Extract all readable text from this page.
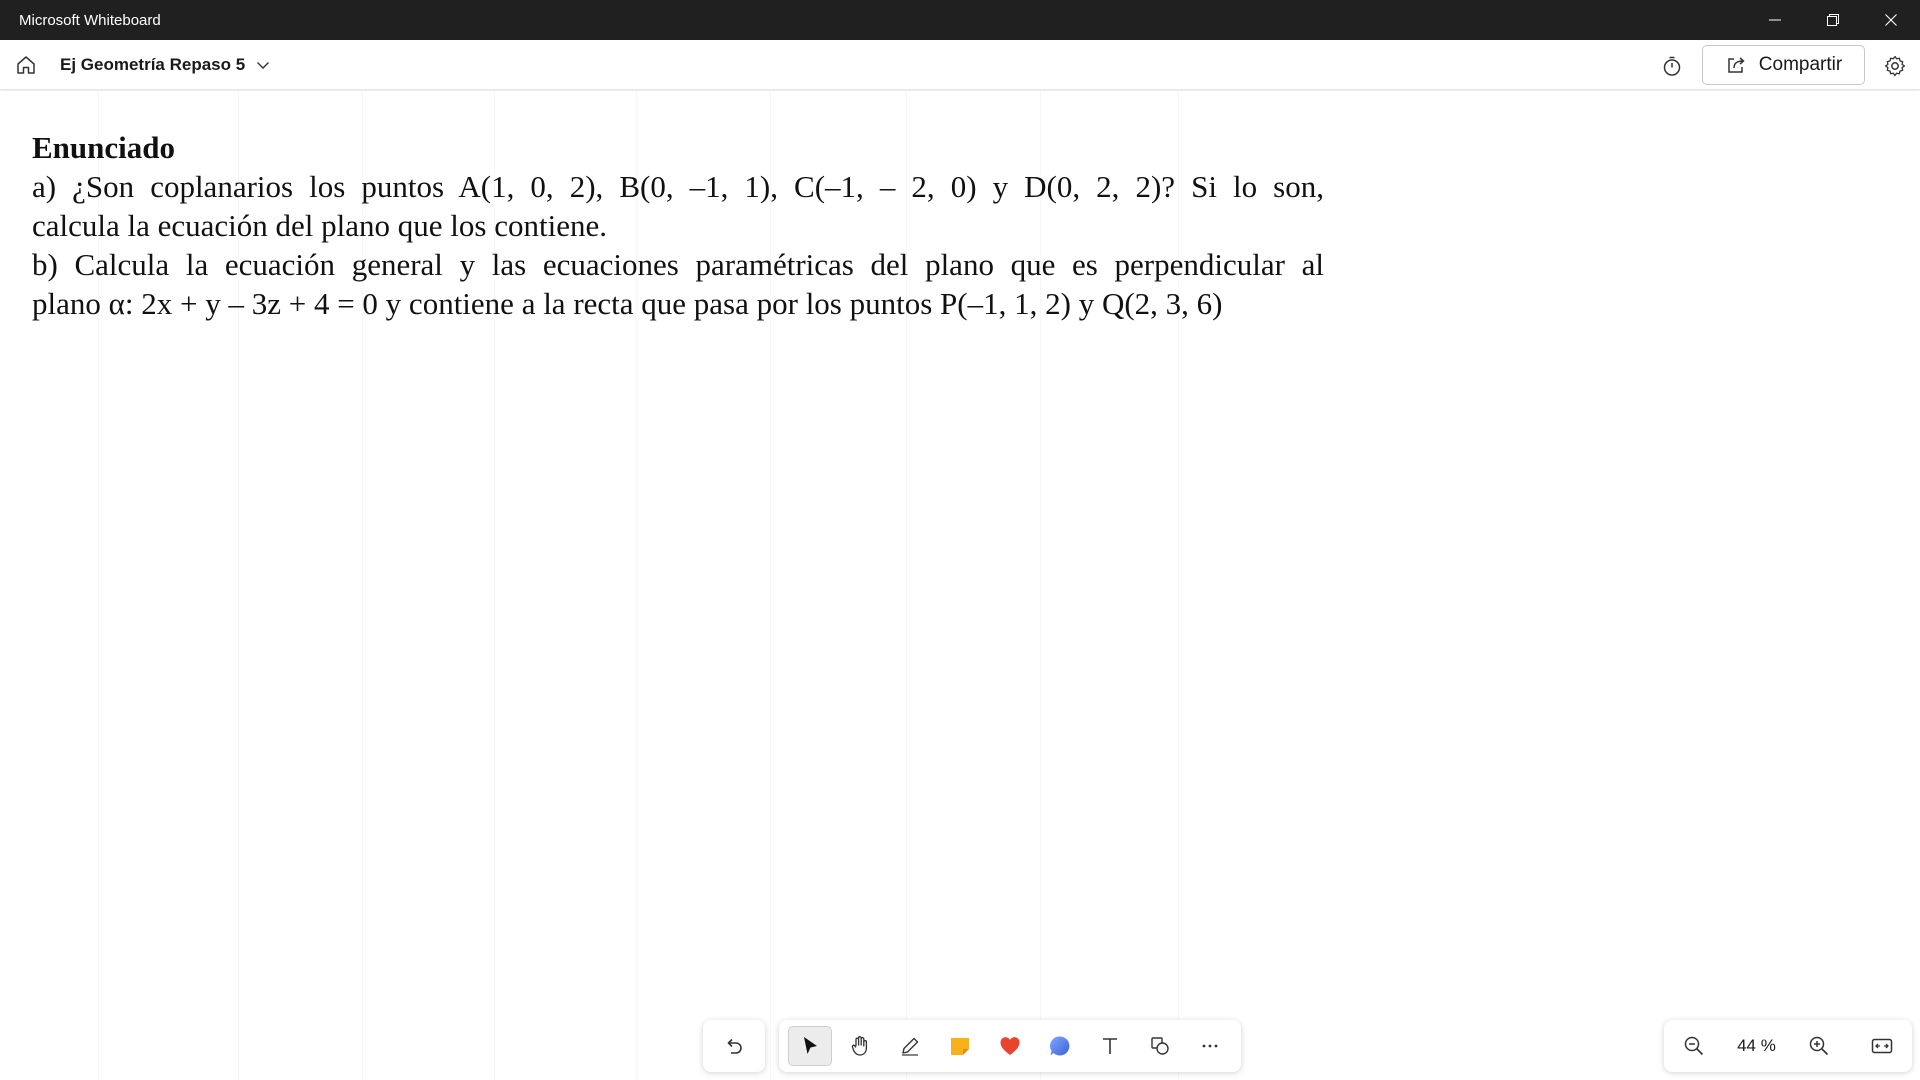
Microsoft Whiteboard
Ej Geometría Repaso 5	Compartir

Enunciado

a) ¿Son coplanarios los puntos A(1, 0, 2), B(0, –1, 1), C(–1, – 2, 0) y D(0, 2, 2)? Si lo son,

calcula la ecuación del plano que los contiene.

b) Calcula la ecuación general y las ecuaciones paramétricas del plano que es perpendicular al

plano α: 2x + y – 3z + 4 = 0 y contiene a la recta que pasa por los puntos P(–1, 1, 2) y Q(2, 3, 6)

44 %
